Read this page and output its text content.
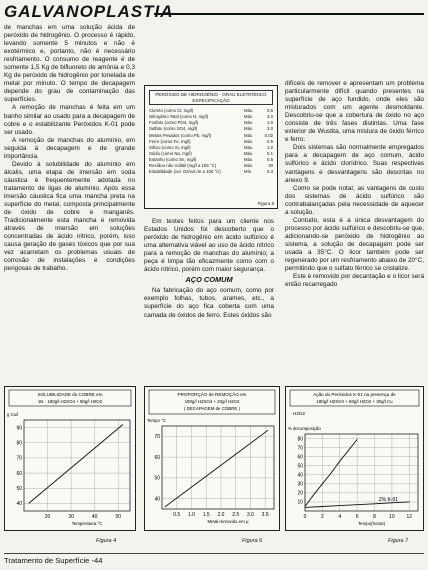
GALVANOPLASTIA

de manchas em uma solução ácida de peróxido de hidrogênio. O processo é rápido, levando somente 5 minutos e não é exotérmico e, portanto, não é necessário resfriamento. O consumo de reagente é de somente 1,5 Kg de bifluoreto de amônia e 0,3 Kg de peróxido de hidrogênio por tonelada de metal por minuto. O tempo de decapagem depende do grau de contaminação das superfícies.

A remoção de manchas é feita em um banho similar ao usado para a decapagem de cobre e o estabilizante Peróxidos K-01 pode ser usado.

A remoção de manchas do alumínio, em seguida à decapagem e de grande importância.

Devido à solubilidade do alumínio em álcalis, uma etapa de imersão em soda cáustica é frequentemente adotada no tratamento de ligas de alumínio. Após essa imersão cáustica fica uma mancha preta na superfície do metal, composta principalmente de óxido de cobre e manganês. Tradicionalmente esta mancha é removida através de imersão em soluções concentradas de ácido nítrico, porém, isso causa geração de gases tóxicos que por sua vez acarretam os problemas usuais de corrosão de instalações e condições perigosas de trabalho.

PERÓXIDO DE HIDROGÊNIO - GRAU ELETRÔNICO
ESPECIFICAÇÃO
Cloreto (como Cl, mg/l)	Máx.	0.5
Nitrogênio Total (como N, mg/l)	Máx.	3.0
Fosfato (como PO4, mg/l)	Máx.	1.0
Sulfato (como SO4, mg/l)	Máx.	3.0
Metais Pesados (como Pb, mg/l)	Máx.	0.02
Ferro (como Fe, mg/l)	Máx.	0.5
Silício (como Si, mg/l)	Máx.	1.0
Sódio (como Na, mg/l)	Máx.	0.1
Estanho (como Sn, mg/l)	Máx.	0.5
Resíduo não Volátil (mg/l a 105 °C)	Máx.	30
Estabilidade (vol. O2/vol./m a 100 °C)	Mín.	0.3
Figura 5

Em testes feitos para um cliente nos Estados Unidos foi descoberto que o peróxido de hidrogênio em ácido sulfúrico é uma alternativa viável ao uso de ácido nítrico para a remoção de manchas do alumínio; a peça é limpa tão eficazmente como com o ácido nítrico, porém com maior segurança.

AÇO COMUM

Na fabricação do aço comum, como por exemplo folhas, tubos, arames, etc., a superfície do aço fica coberta com uma camada de óxidos de ferro. Estes óxidos são

difíceis de remover e apresentam um problema particularmente difícil quando presentes na superfície de aço fundido, onde eles são misturados com um agente desmoldante. Descobriu-se que a cobertura de óxido no aço consiste de três fases distintas. Uma fase exterior de Wustita, uma mistura de óxido férrico e ferro.

Dois sistemas são normalmente empregados para a decapagem de aço comum, ácido sulfúrico e ácido clorídrico. Suas respectivas vantagens e desvantagens são descritas no anexo 9.

Como se pode notar, as vantagens de custo dos sistemas de ácido sulfúrico são contrabalançadas pela necessidade de aquecer a solução.

Contudo, esta é a única desvantagem do processo por ácido sulfúrico e descobriu-se que, adicionando-se peróxido de hidrogênio ao sistema, a solução de decapagem pode ser usada a 35°C. O licor também pode ser regenerado por um resfriamento abaixo de 20°C, permitindo que o sulfato férrico se cristalize.

Este é removido por decantação e o licor será então recarregado

SOLUBILIDADE do COBRE em
1N · 180g/l H2SO4 + 50g/l H2O2
g Cu/l
20	30	40	50
40
50
60
70
80
90
Temperatura °C
PROPORÇÃO de REMOÇÃO em
180g/l H2SO4 + 20g/l H2O2
( DECAPAGEM de COBRE )
Tempo °C
0.5 1.0 1.5 2.0 2.5 3.0 3.5
40
50
60
70
Metal removido em µ
Ação do Peróxidos K-01 na presença de
180g/l H2SO4 + 50g/l H2O2 + 30g/l Cu
H2O2
% decomposição
0	2	4	6	8	10 12
10
20
30
40
50
60
70
80
Tempo(horas)
2% K-01
Figura 4	Figura 6	Figura 7
Tratamento de Superfície -44
